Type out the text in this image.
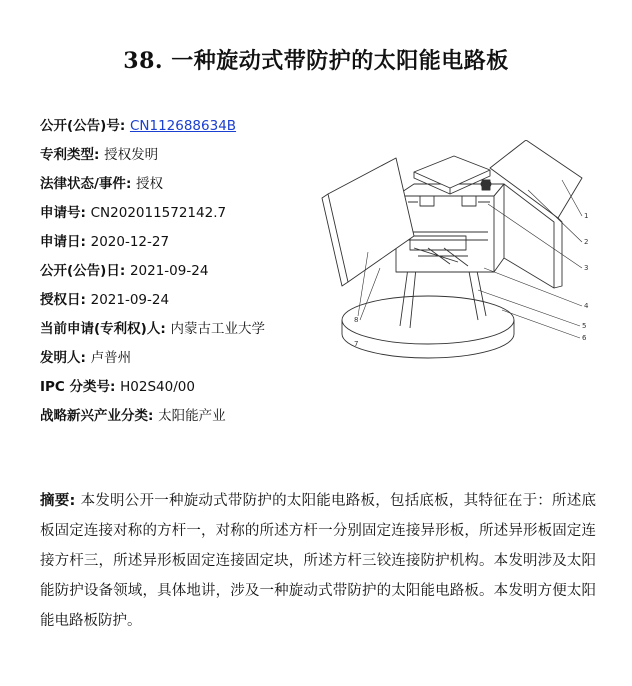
38. 一种旋动式带防护的太阳能电路板
公开(公告)号: CN112688634B
专利类型: 授权发明
法律状态/事件: 授权
申请号: CN202011572142.7
申请日: 2020-12-27
公开(公告)日: 2021-09-24
授权日: 2021-09-24
当前申请(专利权)人: 内蒙古工业大学
发明人: 卢普州
IPC 分类号: H02S40/00
战略新兴产业分类: 太阳能产业
1
2
3
4
5
6
7
8
摘要: 本发明公开一种旋动式带防护的太阳能电路板，包括底板，其特征在于：所述底板固定连接对称的方杆一，对称的所述方杆一分别固定连接异形板，所述异形板固定连接方杆三，所述异形板固定连接固定块，所述方杆三铰连接防护机构。本发明涉及太阳能防护设备领域，具体地讲，涉及一种旋动式带防护的太阳能电路板。本发明方便太阳能电路板防护。
